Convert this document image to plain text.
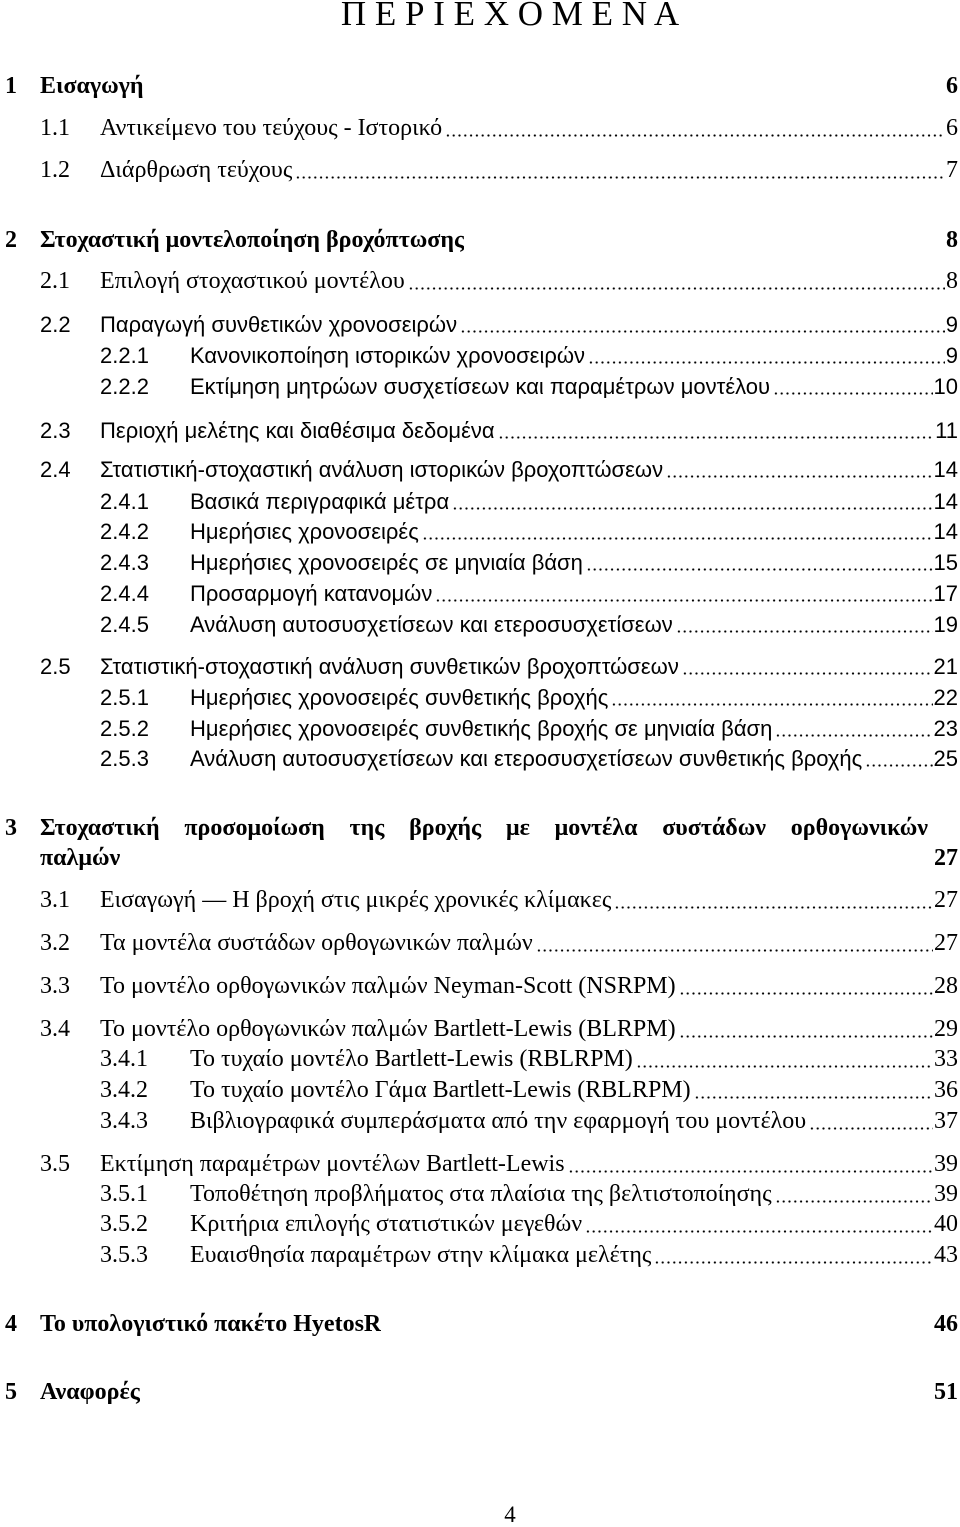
Π Ε Ρ Ι Ε Χ Ο Μ Ε Ν Α
1 Εισαγωγή	6
1.1 Αντικείμενο του τεύχους - Ιστορικό	6
1.2 Διάρθρωση τεύχους	7
2 Στοχαστική μοντελοποίηση βροχόπτωσης	8
2.1 Επιλογή στοχαστικού μοντέλου	8
2.2 Παραγωγή συνθετικών χρονοσειρών	9
2.2.1 Κανονικοποίηση ιστορικών χρονοσειρών	9
2.2.2 Εκτίμηση μητρώων συσχετίσεων και παραμέτρων μοντέλου	10
2.3 Περιοχή μελέτης και διαθέσιμα δεδομένα	11
2.4 Στατιστική-στοχαστική ανάλυση ιστορικών βροχοπτώσεων	14
2.4.1 Βασικά περιγραφικά μέτρα	14
2.4.2 Ημερήσιες χρονοσειρές	14
2.4.3 Ημερήσιες χρονοσειρές σε μηνιαία βάση	15
2.4.4 Προσαρμογή κατανομών	17
2.4.5 Ανάλυση αυτοσυσχετίσεων και ετεροσυσχετίσεων	19
2.5 Στατιστική-στοχαστική ανάλυση συνθετικών βροχοπτώσεων	21
2.5.1 Ημερήσιες χρονοσειρές συνθετικής βροχής	22
2.5.2 Ημερήσιες χρονοσειρές συνθετικής βροχής σε μηνιαία βάση	23
2.5.3 Ανάλυση αυτοσυσχετίσεων και ετεροσυσχετίσεων συνθετικής βροχής	25
3 Στοχαστική προσομοίωση της βροχής με μοντέλα συστάδων ορθογωνικών
παλμών	27
3.1 Εισαγωγή — Η βροχή στις μικρές χρονικές κλίμακες	27
3.2 Τα μοντέλα συστάδων ορθογωνικών παλμών	27
3.3 Το μοντέλο ορθογωνικών παλμών Neyman-Scott (NSRPM)	28
3.4 Το μοντέλο ορθογωνικών παλμών Bartlett-Lewis (BLRPM)	29
3.4.1 Το τυχαίο μοντέλο Bartlett-Lewis (RBLRPM)	33
3.4.2 Το τυχαίο μοντέλο Γάμα Bartlett-Lewis (RBLRPM)	36
3.4.3 Βιβλιογραφικά συμπεράσματα από την εφαρμογή του μοντέλου	37
3.5 Εκτίμηση παραμέτρων μοντέλων Bartlett-Lewis	39
3.5.1 Τοποθέτηση προβλήματος στα πλαίσια της βελτιστοποίησης	39
3.5.2 Κριτήρια επιλογής στατιστικών μεγεθών	40
3.5.3 Ευαισθησία παραμέτρων στην κλίμακα μελέτης	43
4 Το υπολογιστικό πακέτο HyetosR	46
5 Αναφορές	51
4
